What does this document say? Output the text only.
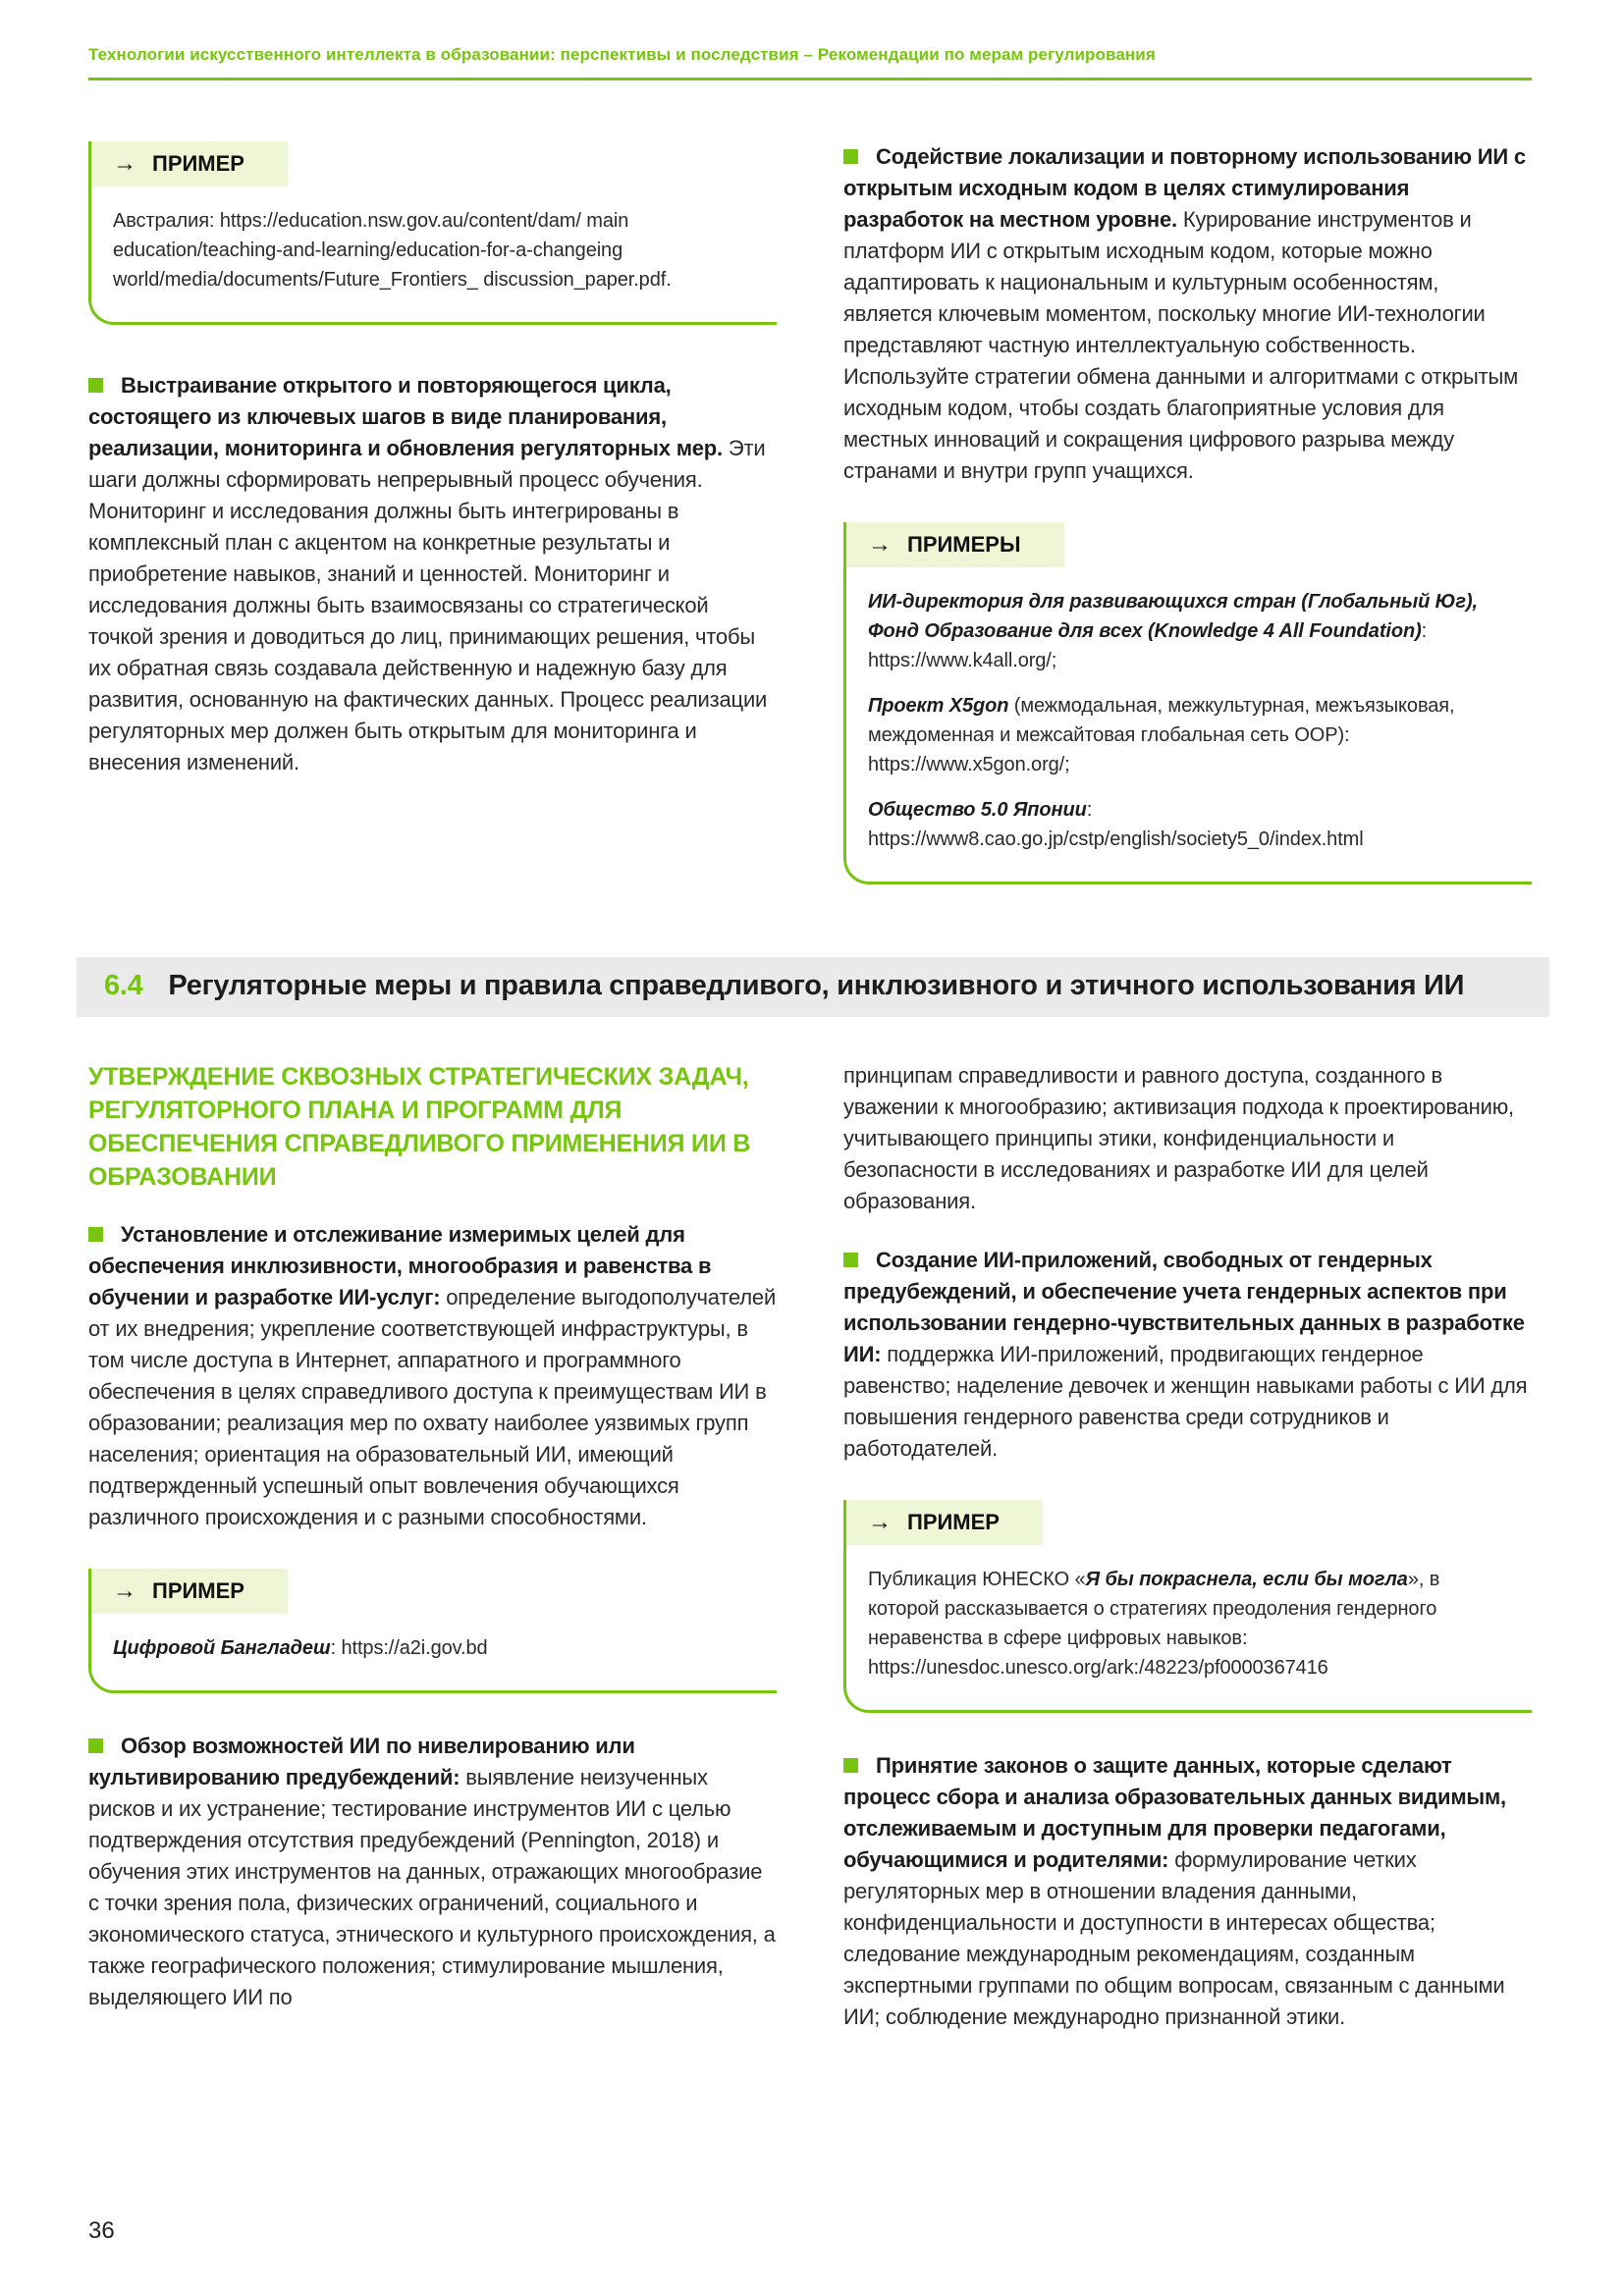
Технологии искусственного интеллекта в образовании: перспективы и последствия – Рекомендации по мерам регулирования
→ ПРИМЕР

Австралия: https://education.nsw.gov.au/content/dam/ main education/teaching-and-learning/education-for-a-changeing world/media/documents/Future_Frontiers_ discussion_paper.pdf.

Выстраивание открытого и повторяющегося цикла, состоящего из ключевых шагов в виде планирования, реализации, мониторинга и обновления регуляторных мер. Эти шаги должны сформировать непрерывный процесс обучения. Мониторинг и исследования должны быть интегрированы в комплексный план с акцентом на конкретные результаты и приобретение навыков, знаний и ценностей. Мониторинг и исследования должны быть взаимосвязаны со стратегической точкой зрения и доводиться до лиц, принимающих решения, чтобы их обратная связь создавала действенную и надежную базу для развития, основанную на фактических данных. Процесс реализации регуляторных мер должен быть открытым для мониторинга и внесения изменений.

Содействие локализации и повторному использованию ИИ с открытым исходным кодом в целях стимулирования разработок на местном уровне. Курирование инструментов и платформ ИИ с открытым исходным кодом, которые можно адаптировать к национальным и культурным особенностям, является ключевым моментом, поскольку многие ИИ-технологии представляют частную интеллектуальную собственность. Используйте стратегии обмена данными и алгоритмами с открытым исходным кодом, чтобы создать благоприятные условия для местных инноваций и сокращения цифрового разрыва между странами и внутри групп учащихся.

→ ПРИМЕРЫ

ИИ-директория для развивающихся стран (Глобальный Юг), Фонд Образование для всех (Knowledge 4 All Foundation): https://www.k4all.org/;

Проект X5gon (межмодальная, межкультурная, межъязыковая, междоменная и межсайтовая глобальная сеть ООР): https://www.x5gon.org/;

Общество 5.0 Японии: https://www8.cao.go.jp/cstp/english/society5_0/index.html

6.4 Регуляторные меры и правила справедливого, инклюзивного и этичного использования ИИ
УТВЕРЖДЕНИЕ СКВОЗНЫХ СТРАТЕГИЧЕСКИХ ЗАДАЧ, РЕГУЛЯТОРНОГО ПЛАНА И ПРОГРАММ ДЛЯ ОБЕСПЕЧЕНИЯ СПРАВЕДЛИВОГО ПРИМЕНЕНИЯ ИИ В ОБРАЗОВАНИИ

Установление и отслеживание измеримых целей для обеспечения инклюзивности, многообразия и равенства в обучении и разработке ИИ-услуг: определение выгодополучателей от их внедрения; укрепление соответствующей инфраструктуры, в том числе доступа в Интернет, аппаратного и программного обеспечения в целях справедливого доступа к преимуществам ИИ в образовании; реализация мер по охвату наиболее уязвимых групп населения; ориентация на образовательный ИИ, имеющий подтвержденный успешный опыт вовлечения обучающихся различного происхождения и с разными способностями.

→ ПРИМЕР

Цифровой Бангладеш: https://a2i.gov.bd

Обзор возможностей ИИ по нивелированию или культивированию предубеждений: выявление неизученных рисков и их устранение; тестирование инструментов ИИ с целью подтверждения отсутствия предубеждений (Pennington, 2018) и обучения этих инструментов на данных, отражающих многообразие с точки зрения пола, физических ограничений, социального и экономического статуса, этнического и культурного происхождения, а также географического положения; стимулирование мышления, выделяющего ИИ по

принципам справедливости и равного доступа, созданного в уважении к многообразию; активизация подхода к проектированию, учитывающего принципы этики, конфиденциальности и безопасности в исследованиях и разработке ИИ для целей образования.

Создание ИИ-приложений, свободных от гендерных предубеждений, и обеспечение учета гендерных аспектов при использовании гендерно-чувствительных данных в разработке ИИ: поддержка ИИ-приложений, продвигающих гендерное равенство; наделение девочек и женщин навыками работы с ИИ для повышения гендерного равенства среди сотрудников и работодателей.

→ ПРИМЕР

Публикация ЮНЕСКО «Я бы покраснела, если бы могла», в которой рассказывается о стратегиях преодоления гендерного неравенства в сфере цифровых навыков: https://unesdoc.unesco.org/ark:/48223/pf0000367416

Принятие законов о защите данных, которые сделают процесс сбора и анализа образовательных данных видимым, отслеживаемым и доступным для проверки педагогами, обучающимися и родителями: формулирование четких регуляторных мер в отношении владения данными, конфиденциальности и доступности в интересах общества; следование международным рекомендациям, созданным экспертными группами по общим вопросам, связанным с данными ИИ; соблюдение международно признанной этики.

36
